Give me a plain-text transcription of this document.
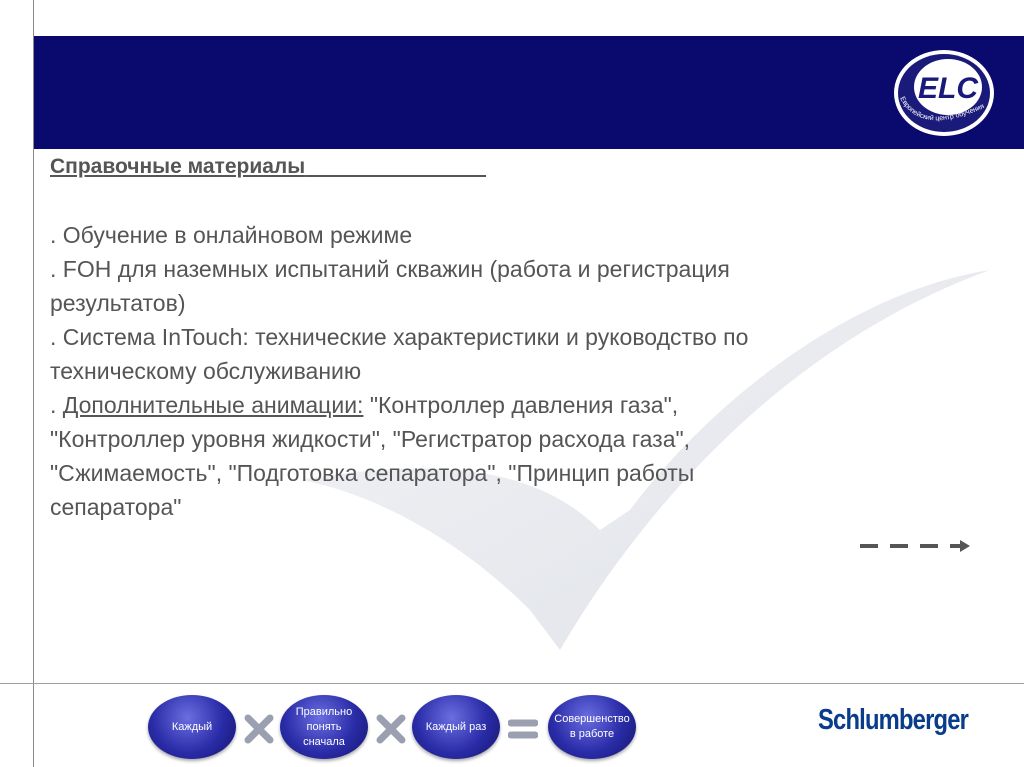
ELC
Европейский центр обучения

Справочные материалы

. Обучение в онлайновом режиме

. FOH для наземных испытаний скважин (работа и регистрация

результатов)

. Система InTouch: технические характеристики и руководство по

техническому обслуживанию

. Дополнительные анимации: "Контроллер давления газа",

"Контроллер уровня жидкости", "Регистратор расхода газа",

"Сжимаемость", "Подготовка сепаратора", "Принцип работы

сепаратора"

Каждый
Правильно
понять
сначала
Каждый раз
Совершенство
в работе	Schlumberger
